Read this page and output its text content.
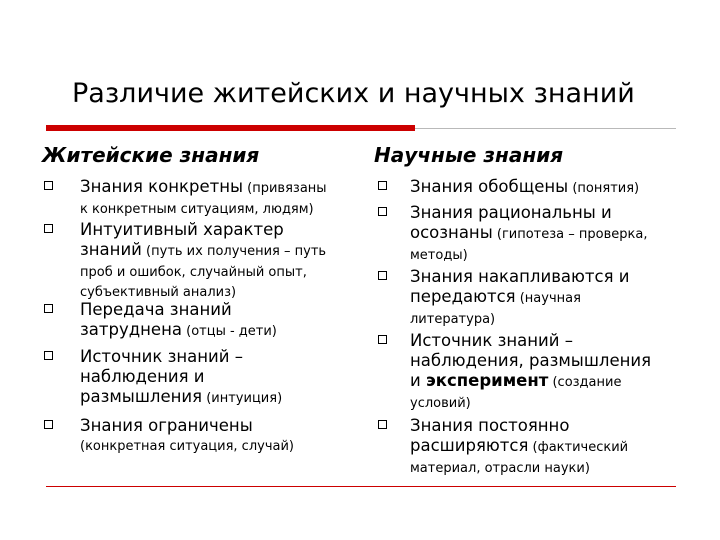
Различие житейских и научных знаний
Житейские знания	Научные знания
Знания конкретны (привязаны
к конкретным ситуациям, людям)
Интуитивный характер
знаний (путь их получения – путь
проб и ошибок, случайный опыт,
субъективный анализ)
Передача знаний
затруднена (отцы - дети)
Источник знаний –
наблюдения и
размышления (интуиция)
Знания ограничены
(конкретная ситуация, случай)
Знания обобщены (понятия)
Знания рациональны и
осознаны (гипотеза – проверка,
методы)
Знания накапливаются и
передаются (научная
литература)
Источник знаний –
наблюдения, размышления
и эксперимент (создание
условий)
Знания постоянно
расширяются (фактический
материал, отрасли науки)
